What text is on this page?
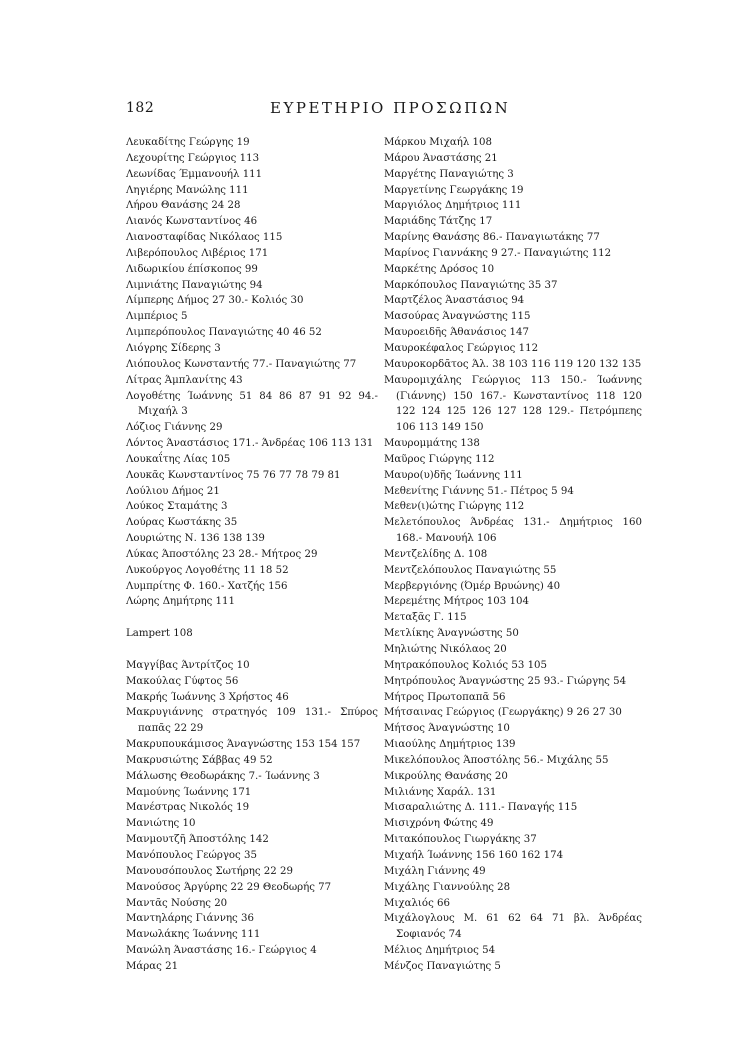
182	ΕΥΡΕΤΗΡΙΟ ΠΡΟΣΩΠΩΝ
Λευκαδίτης Γεώργης 19
Λεχουρίτης Γεώργιος 113
Λεωνίδας Έμμανουήλ 111
Ληγιέρης Μανώλης 111
Λήρου Θανάσης 24 28
Λιανός Κωνσταντίνος 46
Λιανοσταφίδας Νικόλαος 115
Λιβερόπουλος Λιβέριος 171
Λιδωρικίου έπίσκοπος 99
Λιμνιάτης Παναγιώτης 94
Λίμπερης Δήμος 27 30.- Κολιός 30
Λιμπέριος 5
Λιμπερόπουλος Παναγιώτης 40 46 52
Λιόγρης Σίδερης 3
Λιόπουλος Κωνσταντής 77.- Παναγιώτης 77
Λίτρας Άμπλανίτης 43
Λογοθέτης Ίωάννης 51 84 86 87 91 92 94.- Μιχαήλ 3
Λόζιος Γιάννης 29
Λόντος Άναστάσιος 171.- Άνδρέας 106 113 131
Λουκαΐτης Λίας 105
Λουκᾶς Κωνσταντίνος 75 76 77 78 79 81
Λούλιου Δήμος 21
Λούκος Σταμάτης 3
Λούρας Κωστάκης 35
Λουριώτης Ν. 136 138 139
Λύκας Άποστόλης 23 28.- Μήτρος 29
Λυκούργος Λογοθέτης 11 18 52
Λυμπρίτης Φ. 160.- Χατζής 156
Λώρης Δημήτρης 111
Lampert 108
Μαγγίβας Άντρίτζος 10
Μακούλας Γύφτος 56
Μακρής Ίωάννης 3 Χρήστος 46
Μακρυγιάννης στρατηγός 109 131.- Σπύρος παπᾶς 22 29
Μακρυπουκάμισος Άναγνώστης 153 154 157
Μακρυσιώτης Σάββας 49 52
Μάλωσης Θεοδωράκης 7.- Ίωάννης 3
Μαμούνης Ίωάννης 171
Μανέστρας Νικολός 19
Μανιώτης 10
Μανμουτζῆ Άποστόλης 142
Μανόπουλος Γεώργος 35
Μανουσόπουλος Σωτήρης 22 29
Μανούσος Άργύρης 22 29 Θεοδωρής 77
Μαντᾶς Νούσης 20
Μαντηλάρης Γιάννης 36
Μανωλάκης Ίωάννης 111
Μανώλη Άναστάσης 16.- Γεώργιος 4
Μάρας 21
Μάρκου Μιχαήλ 108
Μάρου Άναστάσης 21
Μαργέτης Παναγιώτης 3
Μαργετίνης Γεωργάκης 19
Μαργιόλος Δημήτριος 111
Μαριάδης Τάτζης 17
Μαρίνης Θανάσης 86.- Παναγιωτάκης 77
Μαρίνος Γιαννάκης 9 27.- Παναγιώτης 112
Μαρκέτης Δρόσος 10
Μαρκόπουλος Παναγιώτης 35 37
Μαρτζέλος Άναστάσιος 94
Μασούρας Άναγνώστης 115
Μαυροειδῆς Άθανάσιος 147
Μαυροκέφαλος Γεώργιος 112
Μαυροκορδᾶτος Άλ. 38 103 116 119 120 132 135
Μαυρομιχάλης Γεώργιος 113 150.- Ίωάννης (Γιάννης) 150 167.- Κωνσταντίνος 118 120 122 124 125 126 127 128 129.- Πετρόμπεης 106 113 149 150
Μαυρομμάτης 138
Μαῦρος Γιώργης 112
Μαυρο(υ)δῆς Ίωάννης 111
Μεθενίτης Γιάννης 51.- Πέτρος 5 94
Μεθεν(ι)ώτης Γιώργης 112
Μελετόπουλος Άνδρέας 131.- Δημήτριος 160 168.- Μανουήλ 106
Μεντζελίδης Δ. 108
Μεντζελόπουλος Παναγιώτης 55
Μερβεργιόνης (Όμέρ Βρυώνης) 40
Μερεμέτης Μήτρος 103 104
Μεταξᾶς Γ. 115
Μετλίκης Άναγνώστης 50
Μηλιώτης Νικόλαος 20
Μητρακόπουλος Κολιός 53 105
Μητρόπουλος Άναγνώστης 25 93.- Γιώργης 54
Μήτρος Πρωτοπαπᾶ 56
Μήτσαινας Γεώργιος (Γεωργάκης) 9 26 27 30
Μήτσος Άναγνώστης 10
Μιαούλης Δημήτριος 139
Μικελόπουλος Άποστόλης 56.- Μιχάλης 55
Μικρούλης Θανάσης 20
Μιλιάνης Χαράλ. 131
Μισαραλιώτης Δ. 111.- Παναγής 115
Μισιχρόνη Φώτης 49
Μιτακόπουλος Γιωργάκης 37
Μιχαήλ Ίωάννης 156 160 162 174
Μιχάλη Γιάννης 49
Μιχάλης Γιαννούλης 28
Μιχαλιός 66
Μιχάλογλους Μ. 61 62 64 71 βλ. Άνδρέας Σοφιανός 74
Μέλιος Δημήτριος 54
Μένζος Παναγιώτης 5
